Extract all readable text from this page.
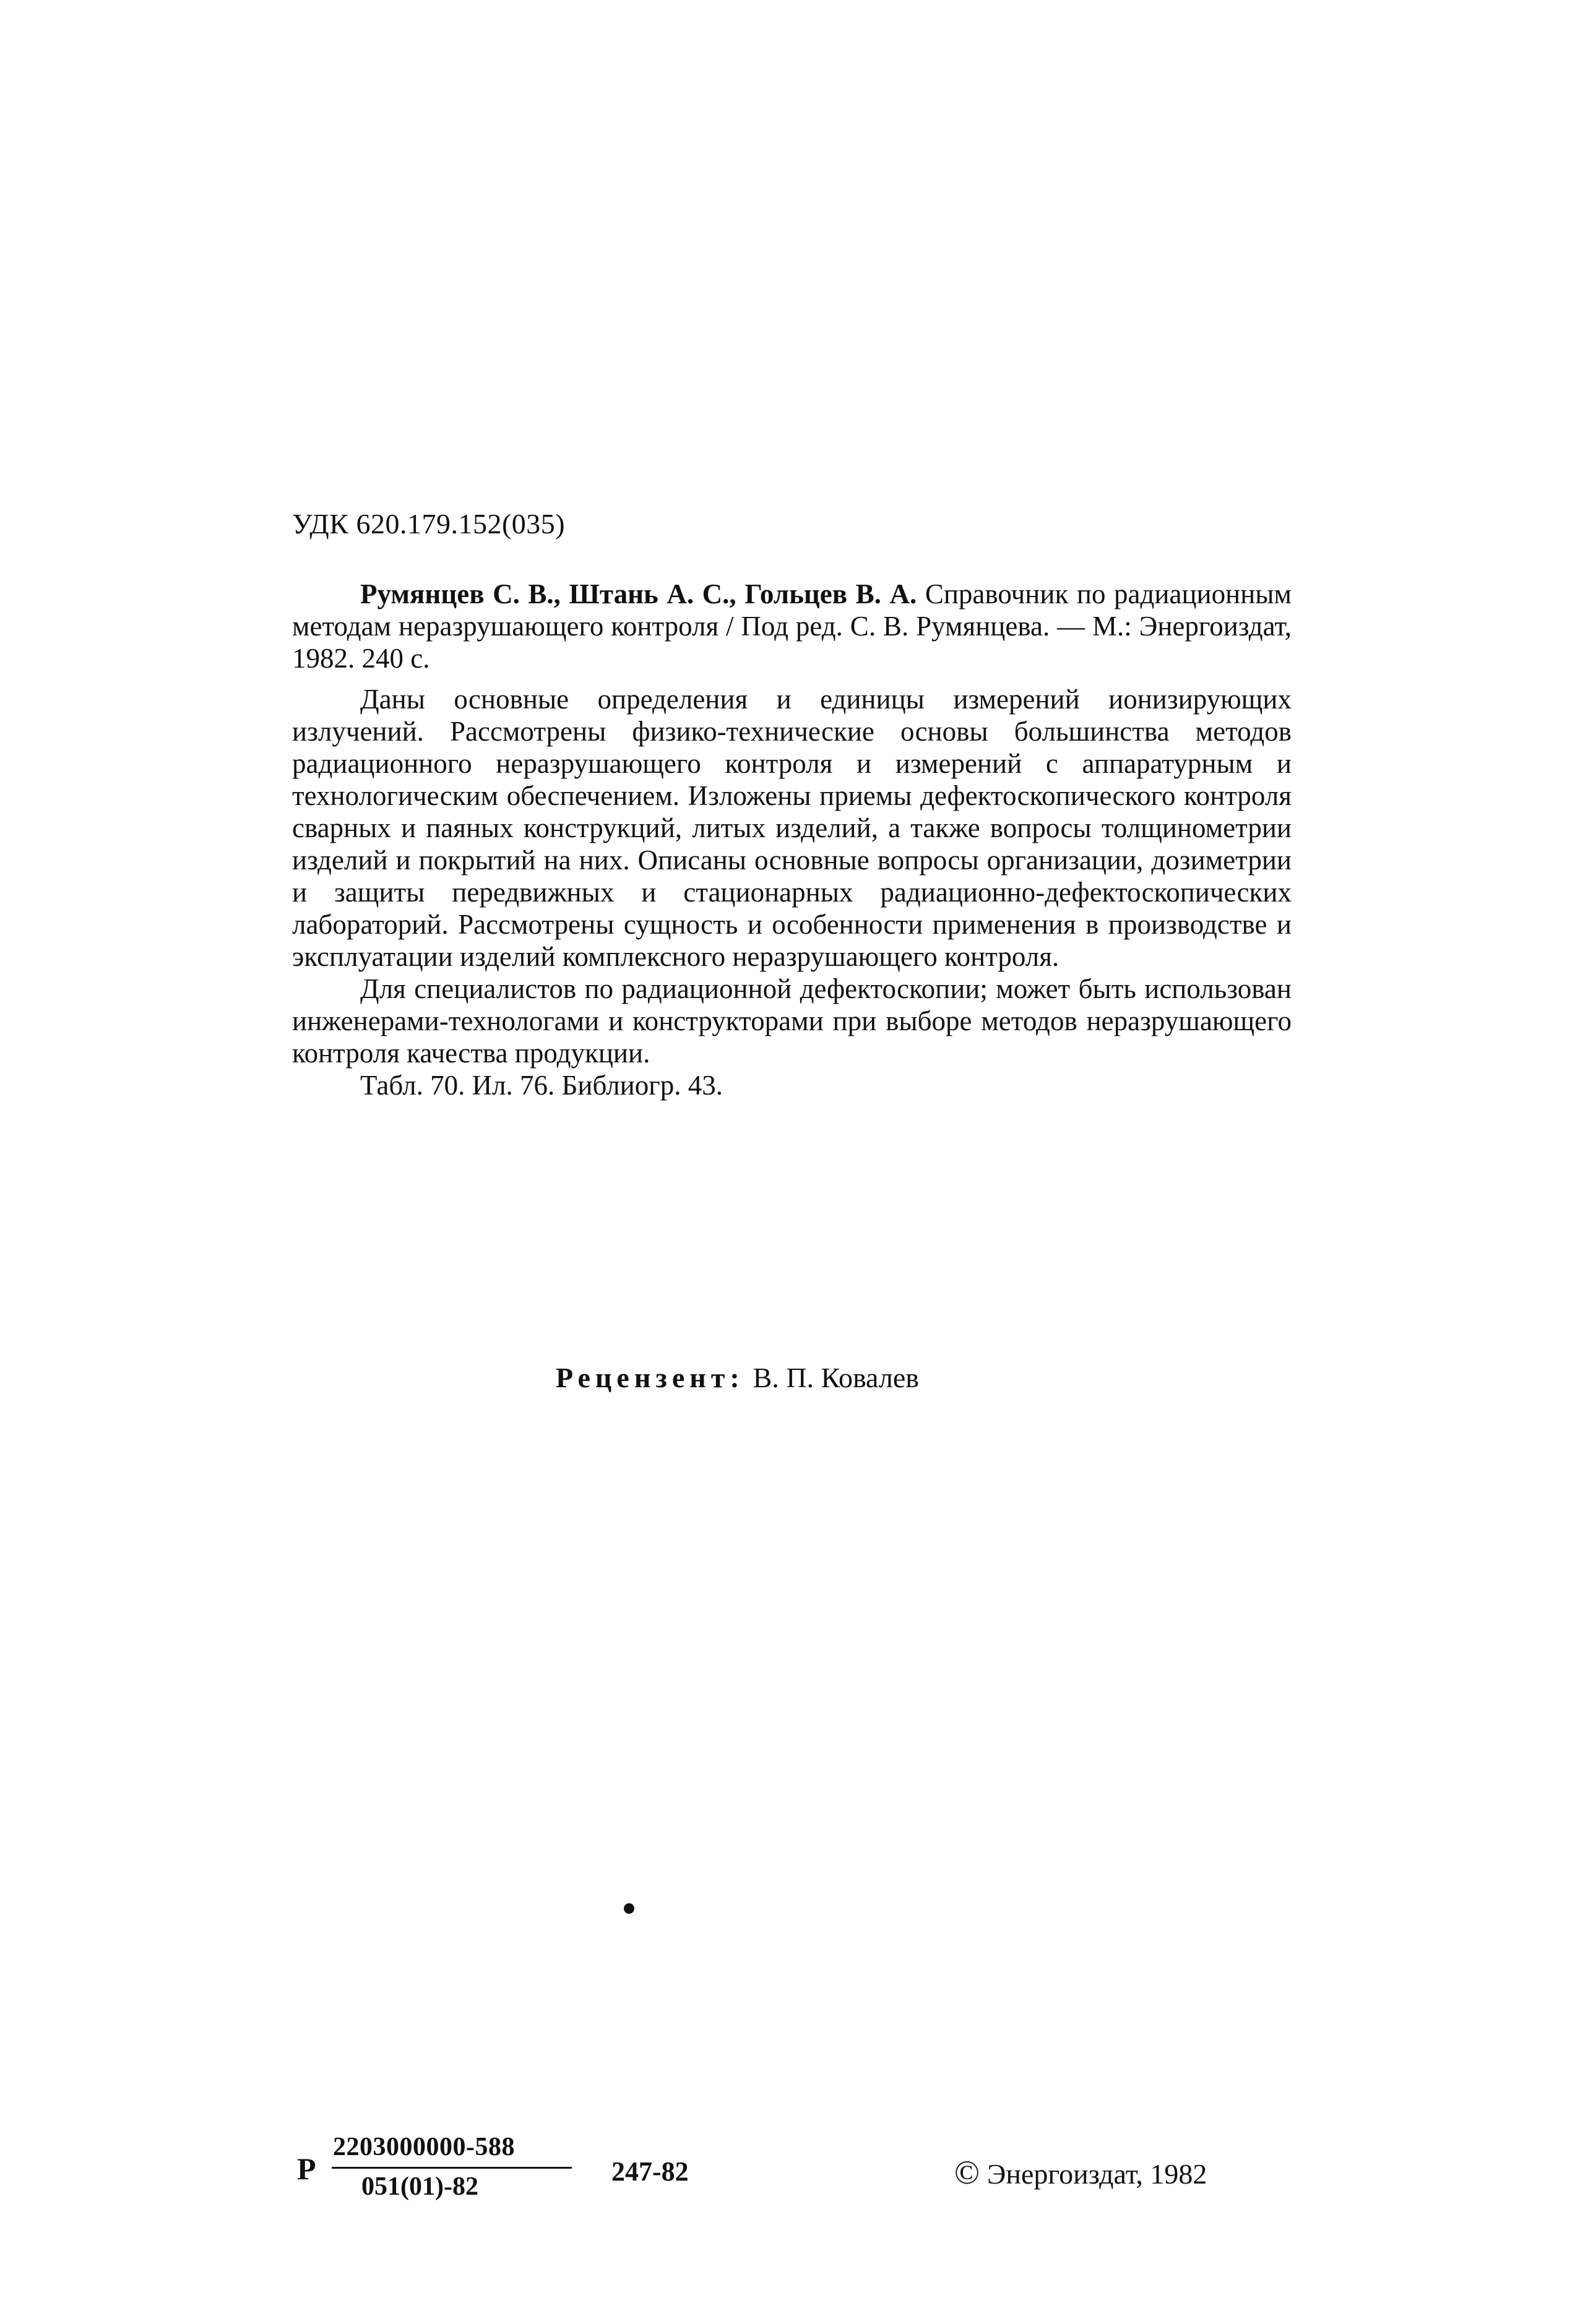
УДК 620.179.152(035)

Румянцев С. В., Штань А. С., Гольцев В. А. Справочник по радиационным методам неразрушающего контроля / Под ред. С. В. Румянцева. — М.: Энергоиздат, 1982. 240 с.

Даны основные определения и единицы измерений ионизирующих излучений. Рассмотрены физико-технические основы большинства методов радиационного неразрушающего контроля и измерений с аппаратурным и технологическим обеспечением. Изложены приемы дефектоскопического контроля сварных и паяных конструкций, литых изделий, а также вопросы толщинометрии изделий и покрытий на них. Описаны основные вопросы организации, дозиметрии и защиты передвижных и стационарных радиационно-дефектоскопических лабораторий. Рассмотрены сущность и особенности применения в производстве и эксплуатации изделий комплексного неразрушающего контроля.

Для специалистов по радиационной дефектоскопии; может быть использован инженерами-технологами и конструкторами при выборе методов неразрушающего контроля качества продукции.

Табл. 70. Ил. 76. Библиогр. 43.

Рецензент: В. П. Ковалев
Р
2203000000-588
051(01)-82	247-82	© Энергоиздат, 1982
